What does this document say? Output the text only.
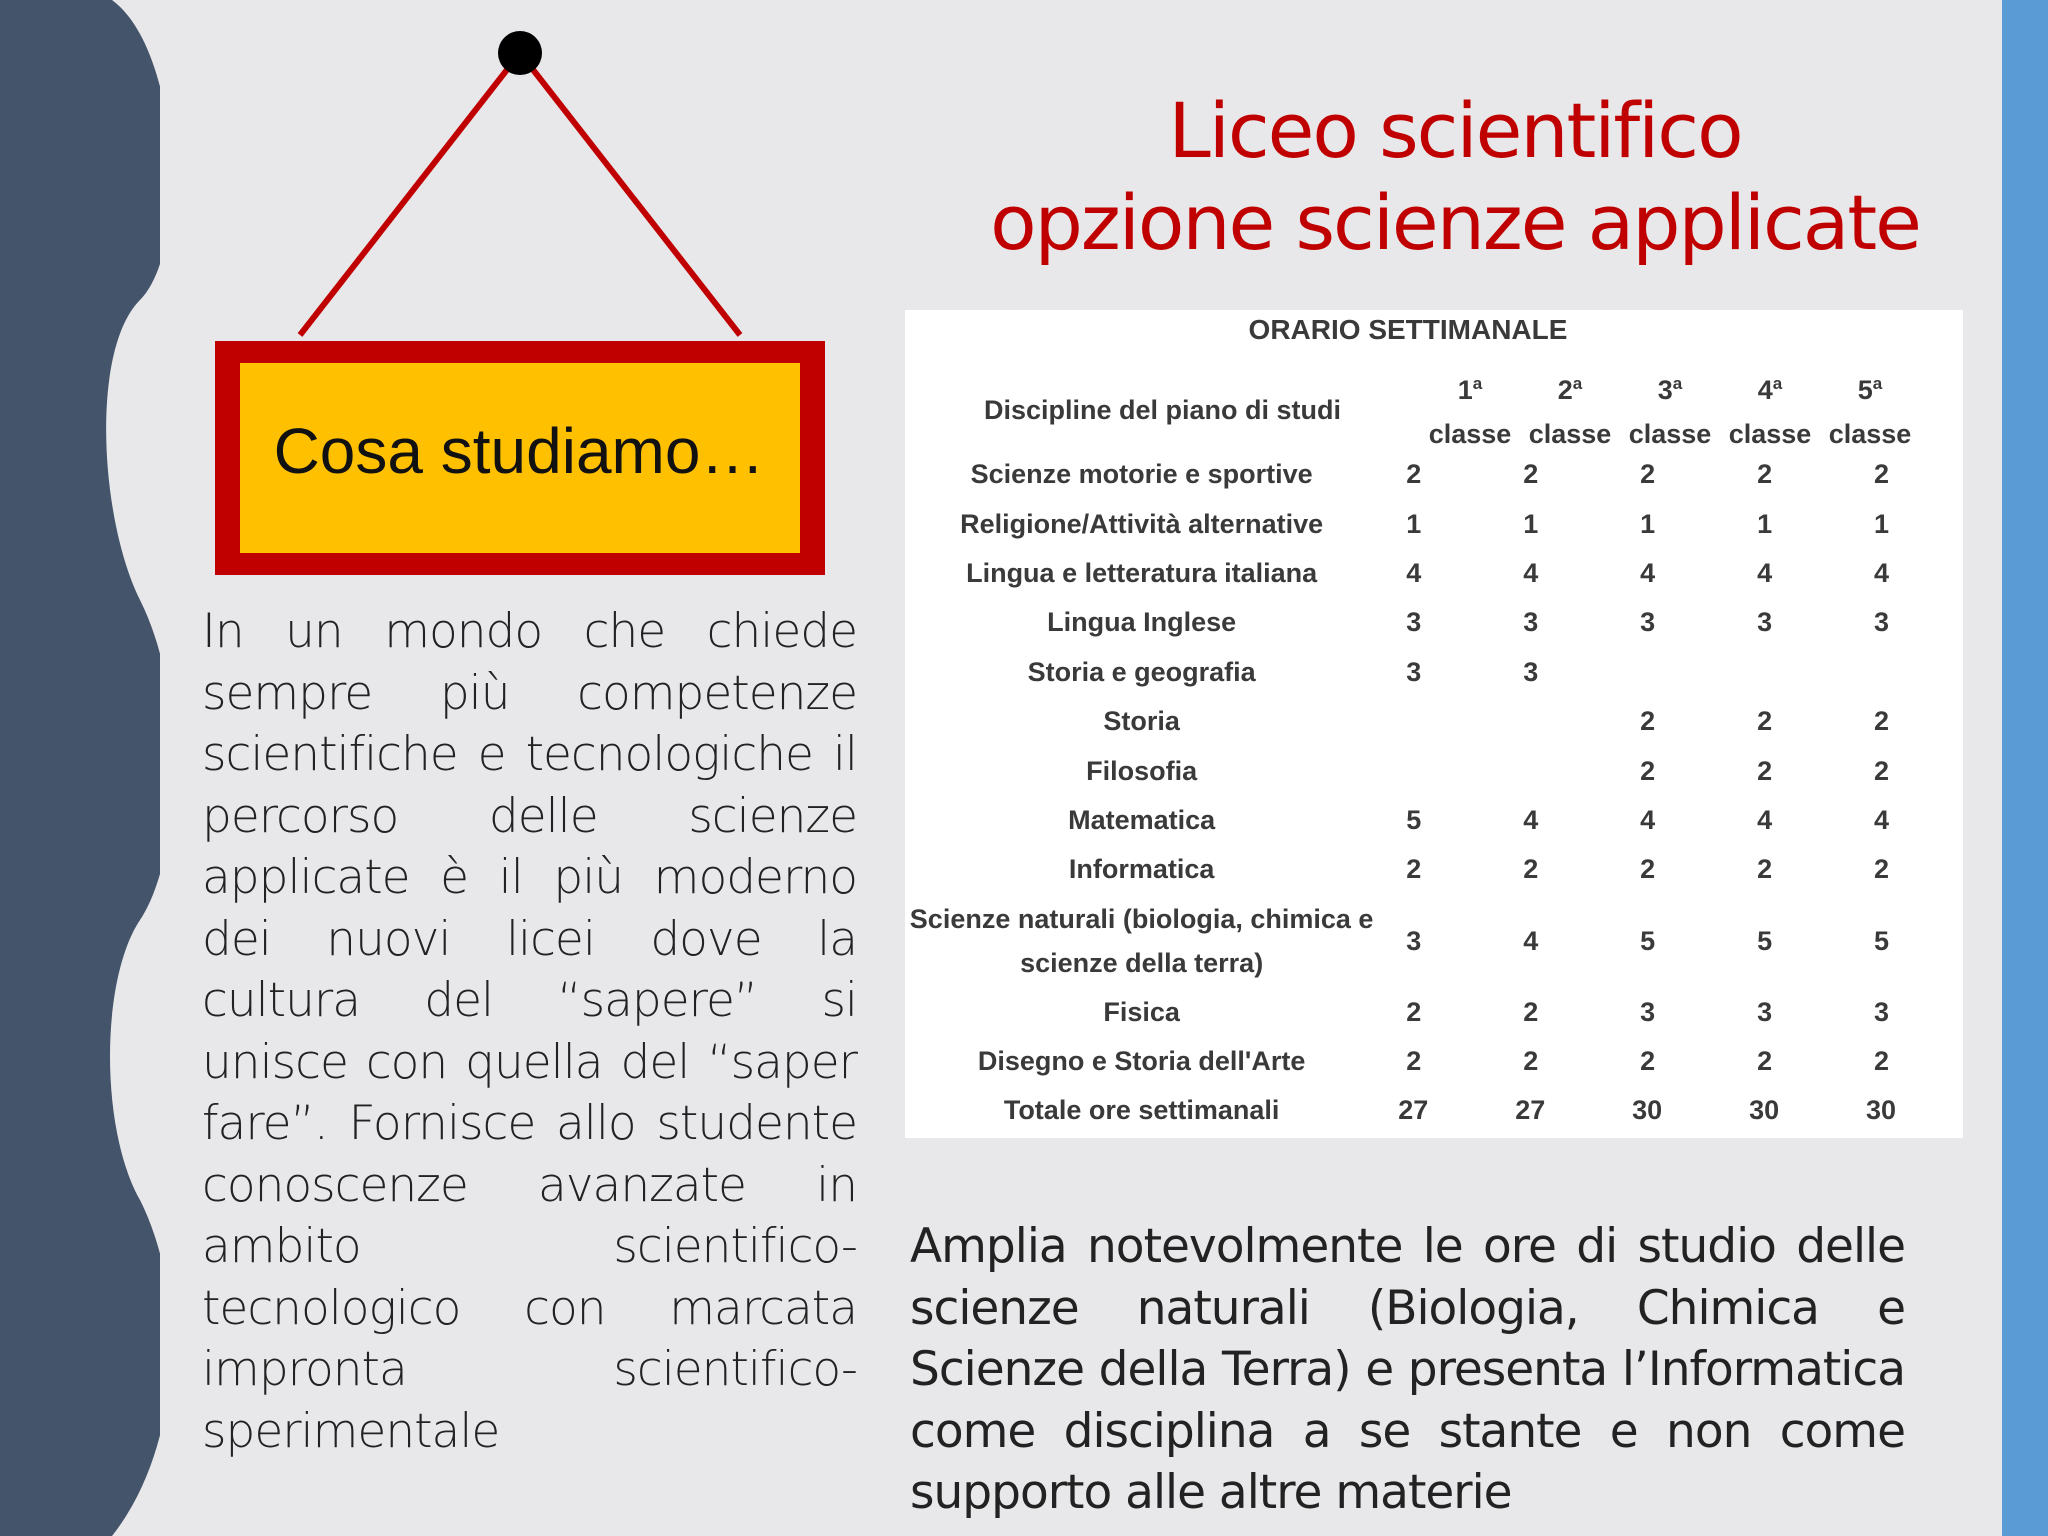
Cosa studiamo…
Liceo scientifico
opzione scienze applicate
In un mondo che chiede sempre più competenze scientifiche e tecnologiche il percorso delle scienze applicate è il più moderno dei nuovi licei dove la cultura del “sapere” si unisce con quella del “saper fare”. Fornisce allo studente conoscenze avanzate in ambito scientifico-tecnologico con marcata impronta scientifico-sperimentale
ORARIO SETTIMANALE
Discipline del piano di studi
1$^a$
classe
2$^a$
classe
3$^a$
classe
4$^a$
classe
5$^a$
classe
Scienze motorie e sportive	2	2	2	2	2
Religione/Attività alternative	1	1	1	1	1
Lingua e letteratura italiana	4	4	4	4	4
Lingua Inglese	3	3	3	3	3
Storia e geografia	3	3			
Storia			2	2	2
Filosofia			2	2	2
Matematica	5	4	4	4	4
Informatica	2	2	2	2	2
Scienze naturali (biologia, chimica e scienze della terra)	3	4	5	5	5
Fisica	2	2	3	3	3
Disegno e Storia dell'Arte	2	2	2	2	2
Totale ore settimanali	27	27	30	30	30
Amplia notevolmente le ore di studio delle scienze naturali (Biologia, Chimica e Scienze della Terra) e presenta l’Informatica come disciplina a se stante e non come supporto alle altre materie
